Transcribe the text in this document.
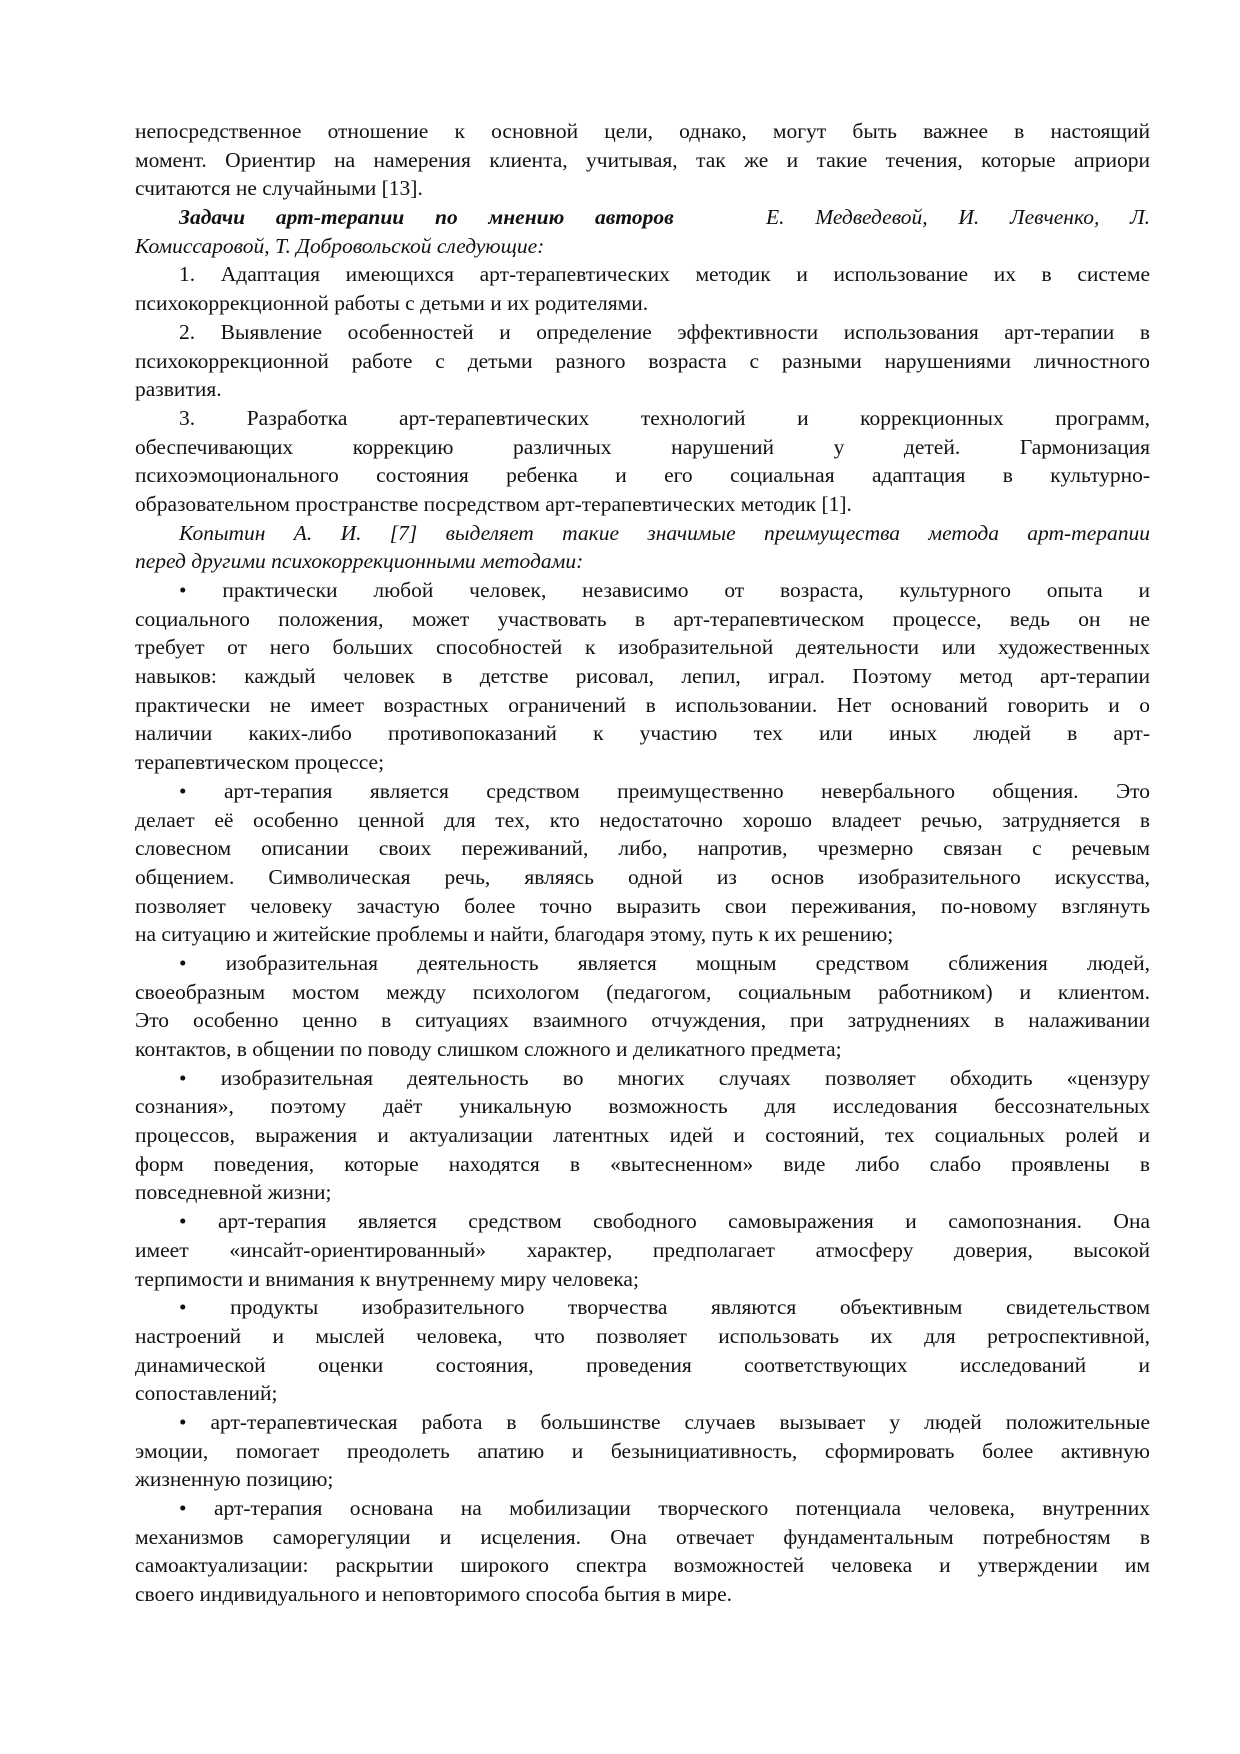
непосредственное отношение к основной цели, однако, могут быть важнее в настоящий
момент. Ориентир на намерения клиента, учитывая, так же и такие течения, которые априори
считаются не случайными [13].
Задачи арт-терапии по мнению авторов	Е. Медведевой, И. Левченко, Л.
Комиссаровой, Т. Добровольской следующие:
1. Адаптация имеющихся арт-терапевтических методик и использование их в системе
психокоррекционной работы с детьми и их родителями.
2. Выявление особенностей и определение эффективности использования арт-терапии в
психокоррекционной работе с детьми разного возраста с разными нарушениями личностного
развития.
3. Разработка арт-терапевтических технологий и коррекционных программ,
обеспечивающих коррекцию различных нарушений у детей. Гармонизация
психоэмоционального состояния ребенка и его социальная адаптация в культурно-
образовательном пространстве посредством арт-терапевтических методик [1].
Копытин А. И. [7] выделяет такие значимые преимущества метода арт-терапии
перед другими психокоррекционными методами:
• практически любой человек, независимо от возраста, культурного опыта и
социального положения, может участвовать в арт-терапевтическом процессе, ведь он не
требует от него больших способностей к изобразительной деятельности или художественных
навыков: каждый человек в детстве рисовал, лепил, играл. Поэтому метод арт-терапии
практически не имеет возрастных ограничений в использовании. Нет оснований говорить и о
наличии каких-либо противопоказаний к участию тех или иных людей в арт-
терапевтическом процессе;
• арт-терапия является средством преимущественно невербального общения. Это
делает её особенно ценной для тех, кто недостаточно хорошо владеет речью, затрудняется в
словесном описании своих переживаний, либо, напротив, чрезмерно связан с речевым
общением. Символическая речь, являясь одной из основ изобразительного искусства,
позволяет человеку зачастую более точно выразить свои переживания, по-новому взглянуть
на ситуацию и житейские проблемы и найти, благодаря этому, путь к их решению;
• изобразительная деятельность является мощным средством сближения людей,
своеобразным мостом между психологом (педагогом, социальным работником) и клиентом.
Это особенно ценно в ситуациях взаимного отчуждения, при затруднениях в налаживании
контактов, в общении по поводу слишком сложного и деликатного предмета;
• изобразительная деятельность во многих случаях позволяет обходить «цензуру
сознания», поэтому даёт уникальную возможность для исследования бессознательных
процессов, выражения и актуализации латентных идей и состояний, тех социальных ролей и
форм поведения, которые находятся в «вытесненном» виде либо слабо проявлены в
повседневной жизни;
• арт-терапия является средством свободного самовыражения и самопознания. Она
имеет «инсайт-ориентированный» характер, предполагает атмосферу доверия, высокой
терпимости и внимания к внутреннему миру человека;
• продукты изобразительного творчества являются объективным свидетельством
настроений и мыслей человека, что позволяет использовать их для ретроспективной,
динамической оценки состояния, проведения соответствующих исследований и
сопоставлений;
• арт-терапевтическая работа в большинстве случаев вызывает у людей положительные
эмоции, помогает преодолеть апатию и безынициативность, сформировать более активную
жизненную позицию;
• арт-терапия основана на мобилизации творческого потенциала человека, внутренних
механизмов саморегуляции и исцеления. Она отвечает фундаментальным потребностям в
самоактуализации: раскрытии широкого спектра возможностей человека и утверждении им
своего индивидуального и неповторимого способа бытия в мире.
